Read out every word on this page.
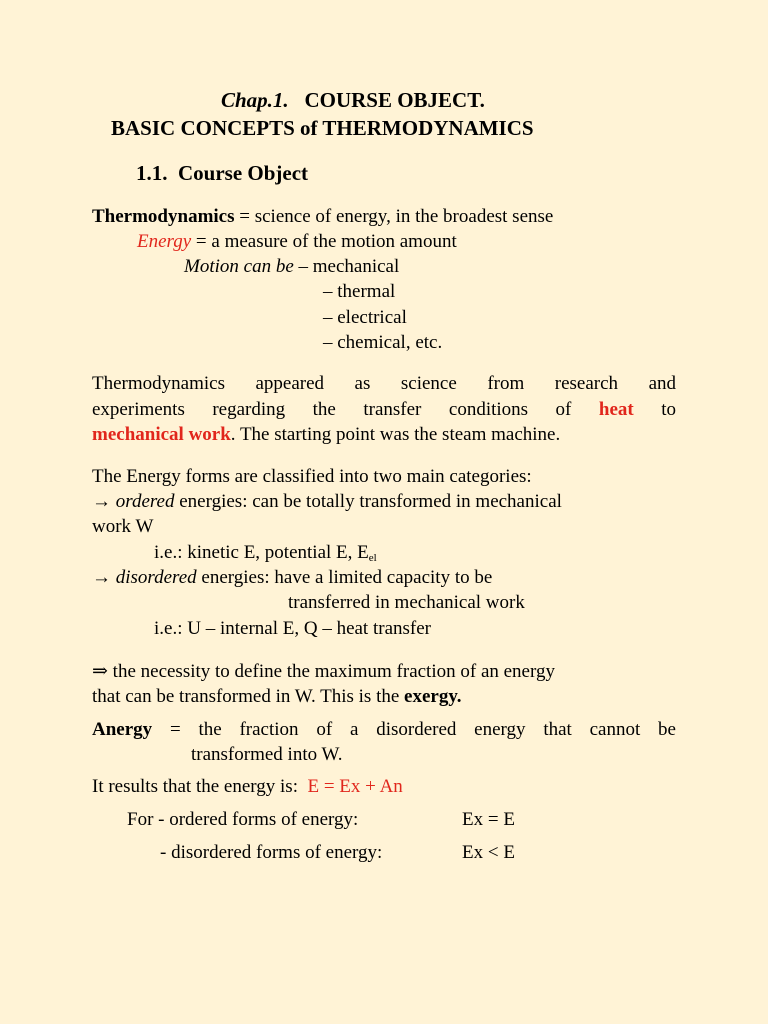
Chap.1. COURSE OBJECT.
BASIC CONCEPTS of THERMODYNAMICS
1.1. Course Object
Thermodynamics = science of energy, in the broadest sense
Energy = a measure of the motion amount
Motion can be – mechanical
– thermal
– electrical
– chemical, etc.
Thermodynamics appeared as science from research and
experiments regarding the transfer conditions of heat to
mechanical work. The starting point was the steam machine.
The Energy forms are classified into two main categories:
→ ordered energies: can be totally transformed in mechanical
work W
i.e.: kinetic E, potential E, $E_{el}$
→ disordered energies: have a limited capacity to be
transferred in mechanical work
i.e.: U – internal E, Q – heat transfer
⇒ the necessity to define the maximum fraction of an energy
that can be transformed in W. This is the exergy.
Anergy = the fraction of a disordered energy that cannot be
transformed into W.
It results that the energy is: E = Ex + An
For - ordered forms of energy:	Ex = E
- disordered forms of energy:	Ex < E
